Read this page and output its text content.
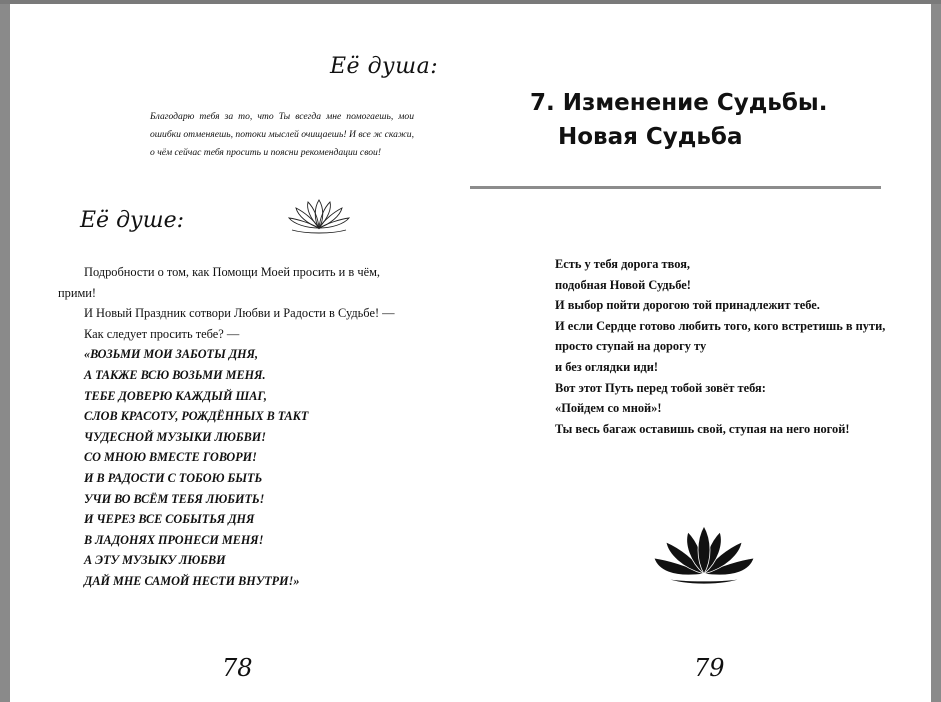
Её душа:
Благодарю тебя за то, что Ты всегда мне помогаешь, мои ошибки отменяешь, потоки мыслей очищаешь! И все ж скажи, о чём сейчас тебя просить и поясни рекомендации свои!
Её душе:

Подробности о том, как Помощи Моей просить и в чём,

прими!

И Новый Праздник сотвори Любви и Радости в Судьбе! —

Как следует просить тебе? —

«ВОЗЬМИ МОИ ЗАБОТЫ ДНЯ,

А ТАКЖЕ ВСЮ ВОЗЬМИ МЕНЯ.

ТЕБЕ ДОВЕРЮ КАЖДЫЙ ШАГ,

СЛОВ КРАСОТУ, РОЖДЁННЫХ В ТАКТ

ЧУДЕСНОЙ МУЗЫКИ ЛЮБВИ!

СО МНОЮ ВМЕСТЕ ГОВОРИ!

И В РАДОСТИ С ТОБОЮ БЫТЬ

УЧИ ВО ВСЁМ ТЕБЯ ЛЮБИТЬ!

И ЧЕРЕЗ ВСЕ СОБЫТЬЯ ДНЯ

В ЛАДОНЯХ ПРОНЕСИ МЕНЯ!

А ЭТУ МУЗЫКУ ЛЮБВИ

ДАЙ МНЕ САМОЙ НЕСТИ ВНУТРИ!»

78
7. Изменение Судьбы.
Новая Судьба

Есть у тебя дорога твоя,

подобная Новой Судьбе!

И выбор пойти дорогою той принадлежит тебе.

И если Сердце готово любить того, кого встретишь в пути,

просто ступай на дорогу ту

и без оглядки иди!

Вот этот Путь перед тобой зовёт тебя:

«Пойдем со мной»!

Ты весь багаж оставишь свой, ступая на него ногой!

79
